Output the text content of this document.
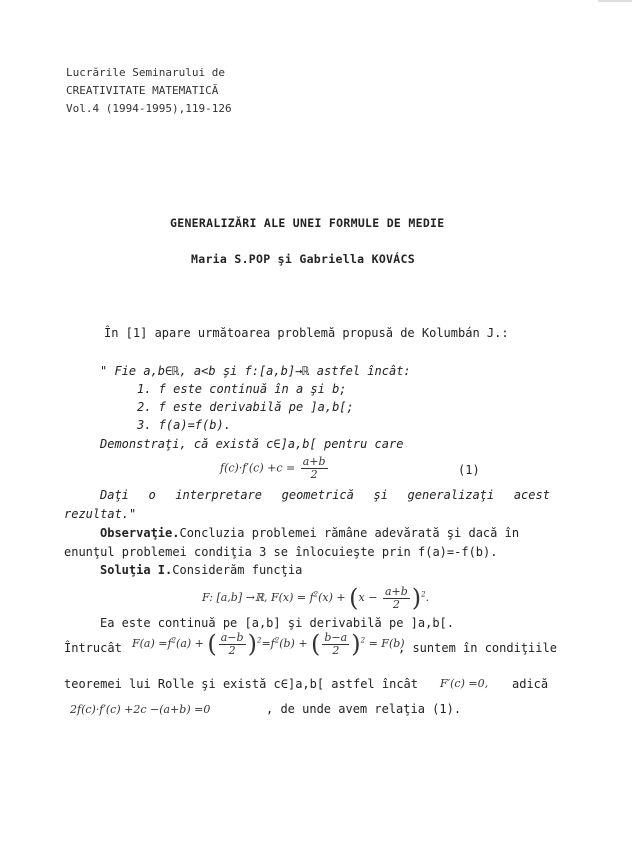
Lucrările Seminarului de
CREATIVITATE MATEMATICĂ
Vol.4 (1994-1995),119-126
GENERALIZĂRI ALE UNEI FORMULE DE MEDIE
Maria S.POP şi Gabriella KOVÁCS
În [1] apare următoarea problemă propusă de Kolumbán J.:
" Fie a,b∈ℝ, a<b şi f:[a,b]→ℝ astfel încât:
1. f este continuă în a şi b;
2. f este derivabilă pe ]a,b[;
3. f(a)=f(b).
Demonstraţi, că există c∈]a,b[ pentru care
$f(c)\cdot f'(c) +c = \frac{a+b}{2}$	(1)
Daţi o interpretare geometrică şi generalizaţi acest
rezultat."
Observaţie.Concluzia problemei rămâne adevărată şi dacă în
enunţul problemei condiţia 3 se înlocuieşte prin f(a)=-f(b).
Soluţia I.Considerăm funcţia
F: [a,b] →ℝ, $F(x) = f^2(x) + (x - \frac{a+b}{2} )^2$.
Ea este continuă pe [a,b] şi derivabilă pe ]a,b[.
Întrucât $F(a) =f^2(a)$ + ( $\frac{a-b}{2} )^2=f^2(b)$ + ( $\frac{b-a}{2} )^2 = F(b)$
, suntem în condiţiile
teoremei lui Rolle şi există c∈]a,b[ astfel încât F′(c) =0, adică
2f(c)·f′(c) +2c −(a+b) =0	, de unde avem relaţia (1).
